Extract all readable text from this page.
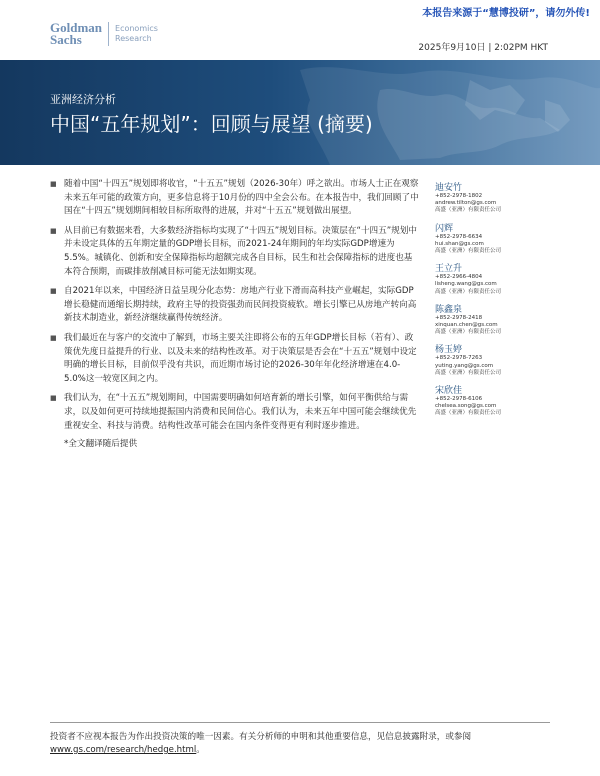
本报告来源于“慧博投研”，请勿外传!
Goldman
Sachs
Economics
Research
2025年9月10日 | 2:02PM HKT
亚洲经济分析
中国“五年规划”：回顾与展望 (摘要)
■ 随着中国“十四五”规划即将收官，“十五五”规划（2026-30年）呼之欲出。市场人士正在观察未来五年可能的政策方向，更多信息将于10月份的四中全会公布。在本报告中，我们回顾了中国在“十四五”规划期间相较目标所取得的进展，并对“十五五”规划做出展望。
■ 从目前已有数据来看，大多数经济指标均实现了“十四五”规划目标。决策层在“十四五”规划中并未设定具体的五年期定量的GDP增长目标，而2021-24年期间的年均实际GDP增速为5.5%。城镇化、创新和安全保障指标均超额完成各自目标，民生和社会保障指标的进度也基本符合预期，而碳排放削减目标可能无法如期实现。
■ 自2021年以来，中国经济日益呈现分化态势：房地产行业下滑而高科技产业崛起，实际GDP增长稳健而通缩长期持续，政府主导的投资强劲而民间投资疲软。增长引擎已从房地产转向高新技术制造业，新经济继续赢得传统经济。
■ 我们最近在与客户的交流中了解到，市场主要关注即将公布的五年GDP增长目标（若有）、政策优先度日益提升的行业、以及未来的结构性改革。对于决策层是否会在“十五五”规划中设定明确的增长目标，目前似乎没有共识，而近期市场讨论的2026-30年年化经济增速在4.0-5.0%这一较宽区间之内。
■ 我们认为，在“十五五”规划期间，中国需要明确如何培育新的增长引擎，如何平衡供给与需求，以及如何更可持续地提振国内消费和民间信心。我们认为，未来五年中国可能会继续优先重视安全、科技与消费。结构性改革可能会在国内条件变得更有利时逐步推进。
*全文翻译随后提供
迪安竹
+852-2978-1802
andrew.tilton@gs.com
高盛（亚洲）有限责任公司
闪辉
+852-2978-6634
hui.shan@gs.com
高盛（亚洲）有限责任公司
王立升
+852-2966-4804
lisheng.wang@gs.com
高盛（亚洲）有限责任公司
陈鑫泉
+852-2978-2418
xinquan.chen@gs.com
高盛（亚洲）有限责任公司
杨玉婷
+852-2978-7263
yuting.yang@gs.com
高盛（亚洲）有限责任公司
宋欣佳
+852-2978-6106
chelsea.song@gs.com
高盛（亚洲）有限责任公司
投资者不应视本报告为作出投资决策的唯一因素。有关分析师的申明和其他重要信息，见信息披露附录，或参阅www.gs.com/research/hedge.html。
